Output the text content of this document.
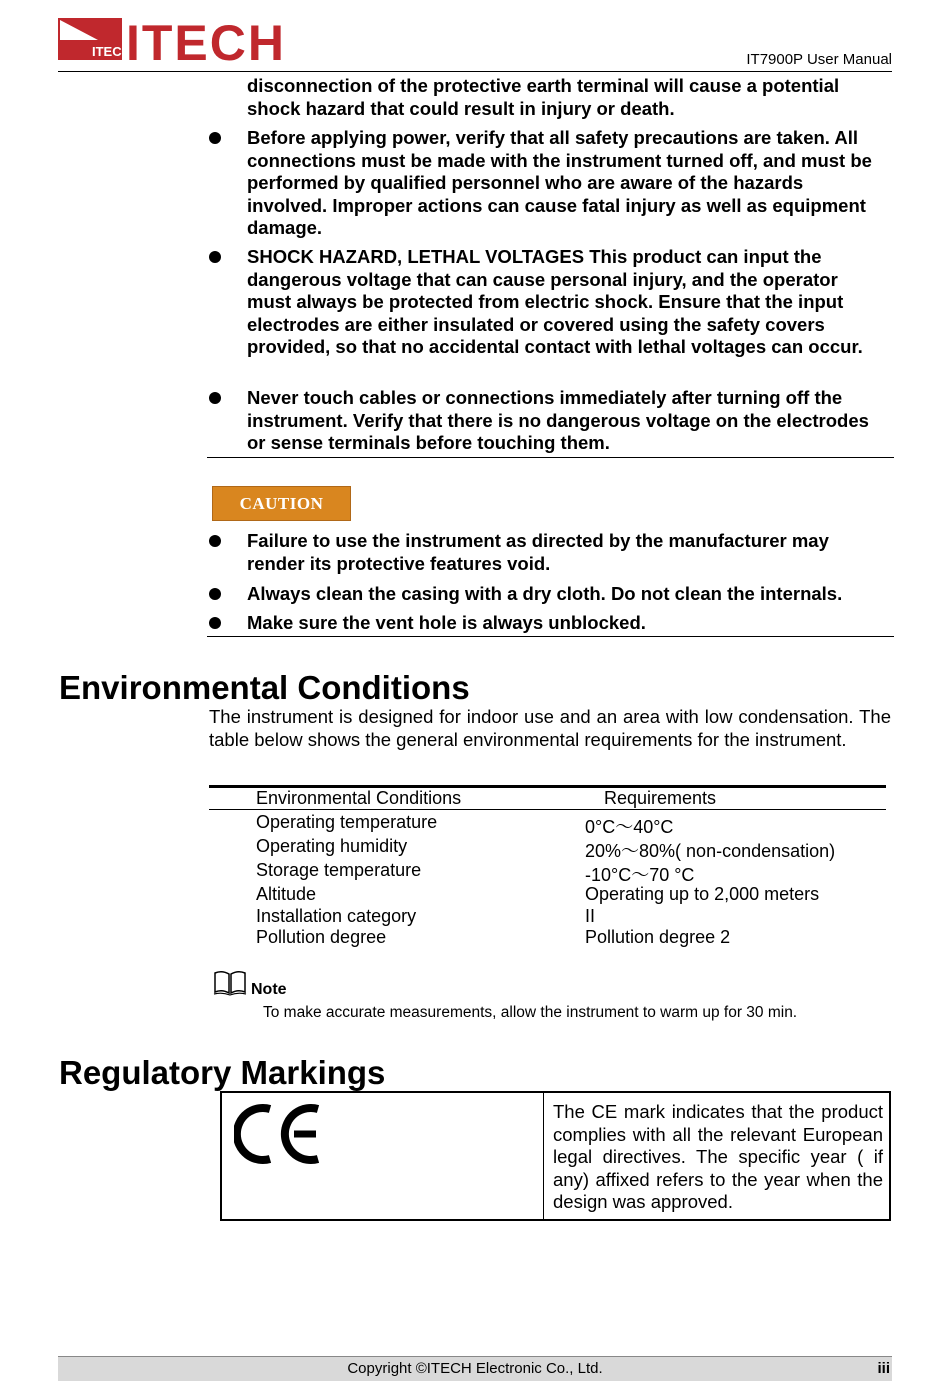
ITECH
ITECH	IT7900P User Manual
disconnection of the protective earth terminal will cause a potential shock hazard that could result in injury or death.
Before applying power, verify that all safety precautions are taken. All connections must be made with the instrument turned off, and must be performed by qualified personnel who are aware of the hazards involved. Improper actions can cause fatal injury as well as equipment damage.
SHOCK HAZARD, LETHAL VOLTAGES This product can input the dangerous voltage that can cause personal injury, and the operator must always be protected from electric shock. Ensure that the input electrodes are either insulated or covered using the safety covers provided, so that no accidental contact with lethal voltages can occur.
Never touch cables or connections immediately after turning off the instrument. Verify that there is no dangerous voltage on the electrodes or sense terminals before touching them.
CAUTION
Failure to use the instrument as directed by the manufacturer may render its protective features void.
Always clean the casing with a dry cloth. Do not clean the internals.
Make sure the vent hole is always unblocked.
Environmental Conditions
The instrument is designed for indoor use and an area with low condensation. The table below shows the general environmental requirements for the instrument.
Environmental Conditions	Requirements
Operating temperature	0°C～40°C
Operating humidity	20%～80%( non-condensation)
Storage temperature	-10°C～70 °C
Altitude	Operating up to 2,000 meters
Installation category	II
Pollution degree	Pollution degree 2
Note
To make accurate measurements, allow the instrument to warm up for 30 min.
Regulatory Markings
The CE mark indicates that the product complies with all the relevant European legal directives. The specific year ( if any) affixed refers to the year when the design was approved.
Copyright ©ITECH Electronic Co., Ltd.	iii
